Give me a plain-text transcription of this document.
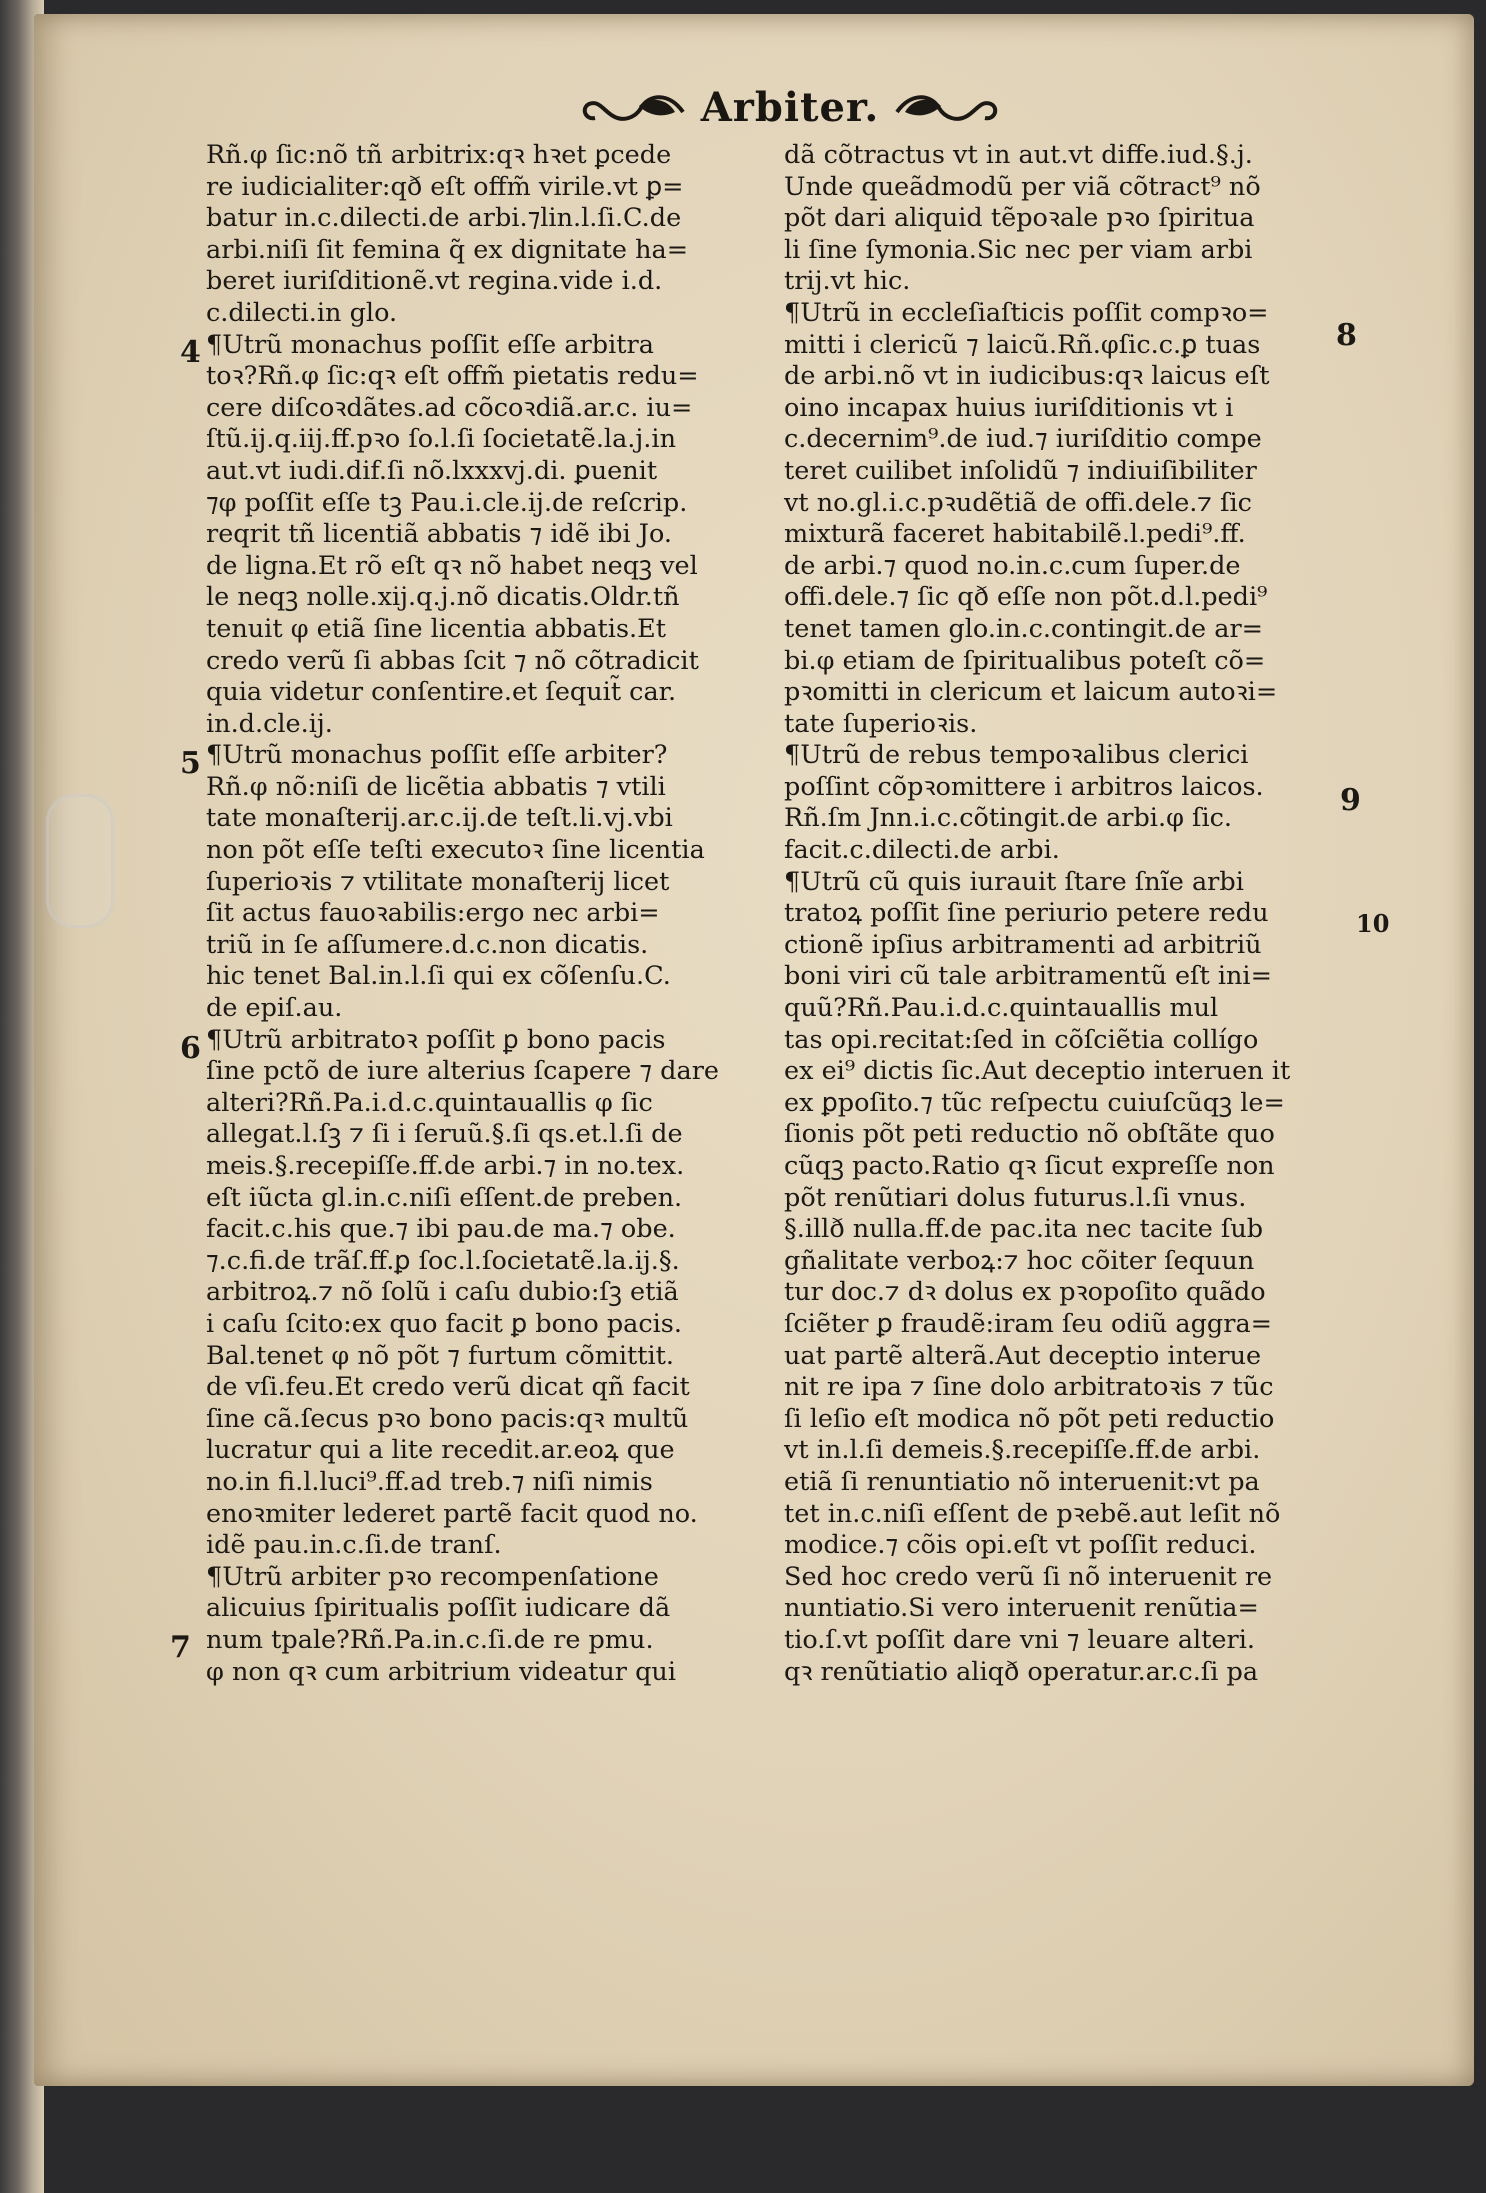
Arbiter.
4
5
6
7
8
9
10
Rñ.φ ſic:nõ tñ arbitrix:qꝛ hꝛet ꝑcede
re iudicialiter:qð eſt offm̃ virile.vt ꝑ=
batur in.c.dilecti.de arbi.⁊lin.l.ſi.C.de
arbi.niſi ſit femina q̃ ex dignitate ha=
beret iuriſditionẽ.vt regina.vide i.d.
c.dilecti.in glo.
¶Utrũ monachus poſſit eſſe arbitra
toꝛ?Rñ.φ ſic:qꝛ eſt offm̃ pietatis redu=
cere diſcoꝛdãtes.ad cõcoꝛdiã.ar.c. iu=
ſtũ.ij.q.iij.ff.pꝛo ſo.l.ſi ſocietatẽ.la.j.in
aut.vt iudi.dif.ſi nõ.lxxxvj.di. ꝑuenit
⁊φ poſſit eſſe tꝫ Pau.i.cle.ij.de reſcrip.
reqrit tñ licentiã abbatis ⁊ idẽ ibi Jo.
de ligna.Et rõ eſt qꝛ nõ habet neqꝫ vel
le neqꝫ nolle.xij.q.j.nõ dicatis.Oldr.tñ
tenuit φ etiã ſine licentia abbatis.Et
credo verũ ſi abbas ſcit ⁊ nõ cõtradicit
quia videtur conſentire.et ſequit̃ car.
in.d.cle.ij.
¶Utrũ monachus poſſit eſſe arbiter?
Rñ.φ nõ:niſi de licẽtia abbatis ⁊ vtili
tate monaſterij.ar.c.ij.de teſt.li.vj.vbi
non põt eſſe teſti executoꝛ ſine licentia
ſuperioꝛis ⁊ vtilitate monaſterij licet
ſit actus fauoꝛabilis:ergo nec arbi=
triũ in ſe aſſumere.d.c.non dicatis.
hic tenet Bal.in.l.ſi qui ex cõſenſu.C.
de epiſ.au.
¶Utrũ arbitratoꝛ poſſit ꝑ bono pacis
ſine pctõ de iure alterius ſcapere ⁊ dare
alteri?Rñ.Pa.i.d.c.quintauallis φ ſic
allegat.l.ſꝫ ⁊ ſi i ſeruũ.§.ſi qs.et.l.ſi de
meis.§.recepiſſe.ff.de arbi.⁊ in no.tex.
eſt iũcta gl.in.c.niſi eſſent.de preben.
facit.c.his que.⁊ ibi pau.de ma.⁊ obe.
⁊.c.fi.de trãſ.ff.ꝑ ſoc.l.ſocietatẽ.la.ij.§.
arbitroꝝ.⁊ nõ ſolũ i caſu dubio:ſꝫ etiã
i caſu ſcito:ex quo facit ꝑ bono pacis.
Bal.tenet φ nõ põt ⁊ furtum cõmittit.
de vſi.feu.Et credo verũ dicat qñ facit
ſine cã.ſecus pꝛo bono pacis:qꝛ multũ
lucratur qui a lite recedit.ar.eoꝝ que
no.in fi.l.luci⁹.ff.ad treb.⁊ niſi nimis
enoꝛmiter lederet partẽ facit quod no.
idẽ pau.in.c.ſi.de tranſ.
¶Utrũ arbiter pꝛo recompenſatione
alicuius ſpiritualis poſſit iudicare dã
num tpale?Rñ.Pa.in.c.ſi.de re pmu.
φ non qꝛ cum arbitrium videatur qui
dã cõtractus vt in aut.vt diffe.iud.§.j.
Unde queãdmodũ per viã cõtract⁹ nõ
põt dari aliquid tẽpoꝛale pꝛo ſpiritua
li ſine ſymonia.Sic nec per viam arbi
trij.vt hic.
¶Utrũ in eccleſiaſticis poſſit compꝛo=
mitti i clericũ ⁊ laicũ.Rñ.φſic.c.ꝑ tuas
de arbi.nõ vt in iudicibus:qꝛ laicus eſt
oino incapax huius iuriſditionis vt i
c.decernim⁹.de iud.⁊ iuriſditio compe
teret cuilibet inſolidũ ⁊ indiuiſibiliter
vt no.gl.i.c.pꝛudẽtiã de offi.dele.⁊ ſic
mixturã faceret habitabilẽ.l.pedi⁹.ff.
de arbi.⁊ quod no.in.c.cum ſuper.de
offi.dele.⁊ ſic qð eſſe non põt.d.l.pedi⁹
tenet tamen glo.in.c.contingit.de ar=
bi.φ etiam de ſpiritualibus poteſt cõ=
pꝛomitti in clericum et laicum autoꝛi=
tate ſuperioꝛis.
¶Utrũ de rebus tempoꝛalibus clerici
poſſint cõpꝛomittere i arbitros laicos.
Rñ.ſm Jnn.i.c.cõtingit.de arbi.φ ſic.
facit.c.dilecti.de arbi.
¶Utrũ cũ quis iurauit ſtare ſnĩe arbi
tratoꝝ poſſit ſine periurio petere redu
ctionẽ ipſius arbitramenti ad arbitriũ
boni viri cũ tale arbitramentũ eſt ini=
quũ?Rñ.Pau.i.d.c.quintauallis mul
tas opi.recitat:ſed in cõſciẽtia collígo
ex ei⁹ dictis ſic.Aut deceptio interuen it
ex ꝑpoſito.⁊ tũc reſpectu cuiuſcũqꝫ le=
ſionis põt peti reductio nõ obſtãte quo
cũqꝫ pacto.Ratio qꝛ ſicut expreſſe non
põt renũtiari dolus futurus.l.ſi vnus.
§.illð nulla.ff.de pac.ita nec tacite ſub
gñalitate verboꝝ:⁊ hoc cõiter ſequun
tur doc.⁊ dꝛ dolus ex pꝛopoſito quãdo
ſciẽter ꝑ fraudẽ:iram ſeu odiũ aggra=
uat partẽ alterã.Aut deceptio interue
nit re ipa ⁊ ſine dolo arbitratoꝛis ⁊ tũc
ſi leſio eſt modica nõ põt peti reductio
vt in.l.ſi demeis.§.recepiſſe.ff.de arbi.
etiã ſi renuntiatio nõ interuenit:vt pa
tet in.c.niſi eſſent de pꝛebẽ.aut leſit nõ
modice.⁊ cõis opi.eſt vt poſſit reduci.
Sed hoc credo verũ ſi nõ interuenit re
nuntiatio.Si vero interuenit renũtia=
tio.ſ.vt poſſit dare vni ⁊ leuare alteri.
qꝛ renũtiatio aliqð operatur.ar.c.ſi pa
